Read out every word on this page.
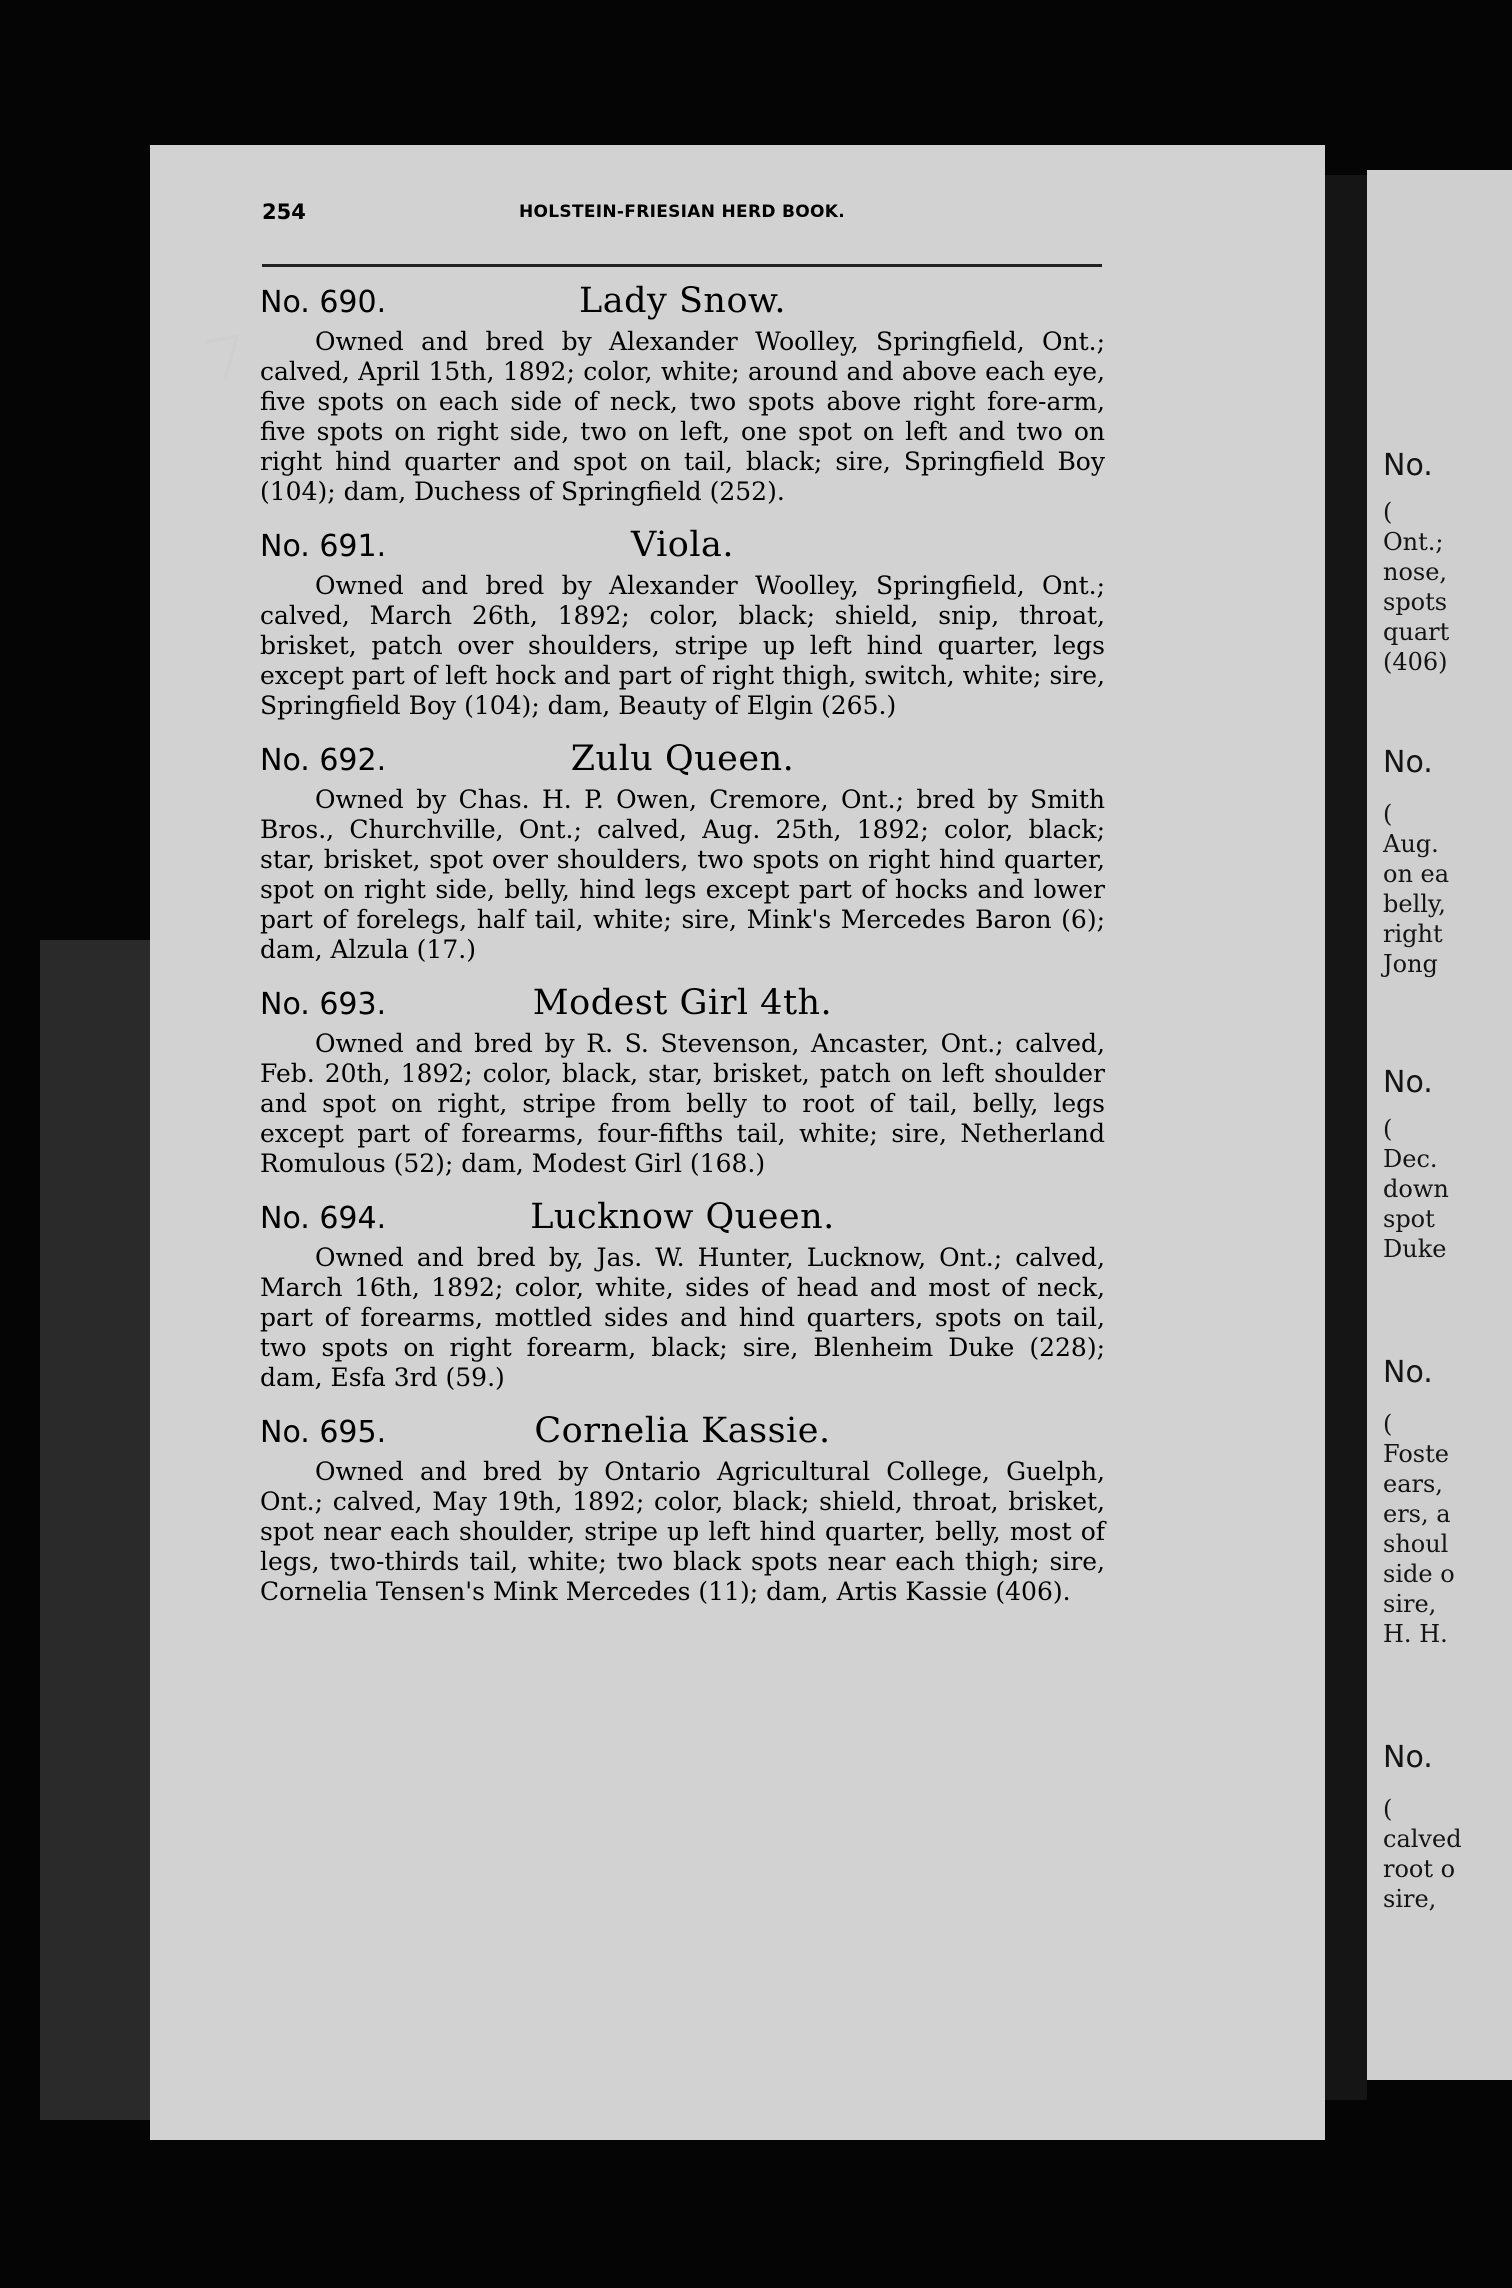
254	HOLSTEIN-FRIESIAN HERD BOOK.
No. 690.	Lady Snow.

Owned and bred by Alexander Woolley, Springfield, Ont.; calved, April 15th, 1892; color, white; around and above each eye, five spots on each side of neck, two spots above right fore-arm, five spots on right side, two on left, one spot on left and two on right hind quarter and spot on tail, black; sire, Springfield Boy (104); dam, Duchess of Springfield (252).

No. 691.	Viola.

Owned and bred by Alexander Woolley, Springfield, Ont.; calved, March 26th, 1892; color, black; shield, snip, throat, brisket, patch over shoulders, stripe up left hind quarter, legs except part of left hock and part of right thigh, switch, white; sire, Springfield Boy (104); dam, Beauty of Elgin (265.)

No. 692.	Zulu Queen.

Owned by Chas. H. P. Owen, Cremore, Ont.; bred by Smith Bros., Churchville, Ont.; calved, Aug. 25th, 1892; color, black; star, brisket, spot over shoulders, two spots on right hind quarter, spot on right side, belly, hind legs except part of hocks and lower part of forelegs, half tail, white; sire, Mink's Mercedes Baron (6); dam, Alzula (17.)

No. 693.	Modest Girl 4th.

Owned and bred by R. S. Stevenson, Ancaster, Ont.; calved, Feb. 20th, 1892; color, black, star, brisket, patch on left shoulder and spot on right, stripe from belly to root of tail, belly, legs except part of forearms, four-fifths tail, white; sire, Netherland Romulous (52); dam, Modest Girl (168.)

No. 694.	Lucknow Queen.

Owned and bred by, Jas. W. Hunter, Lucknow, Ont.; calved, March 16th, 1892; color, white, sides of head and most of neck, part of forearms, mottled sides and hind quarters, spots on tail, two spots on right forearm, black; sire, Blenheim Duke (228); dam, Esfa 3rd (59.)

No. 695.	Cornelia Kassie.

Owned and bred by Ontario Agricultural College, Guelph, Ont.; calved, May 19th, 1892; color, black; shield, throat, brisket, spot near each shoulder, stripe up left hind quarter, belly, most of legs, two-thirds tail, white; two black spots near each thigh; sire, Cornelia Tensen's Mink Mercedes (11); dam, Artis Kassie (406).

No.
(
Ont.;
nose,
spots
quart
(406)
No.
(
Aug.
on ea
belly,
right
Jong
No.
(
Dec.
down
spot
Duke
No.
(
Foste
ears,
ers, a
shoul
side o
sire,
H. H.
No.
(
calved
root o
sire,
